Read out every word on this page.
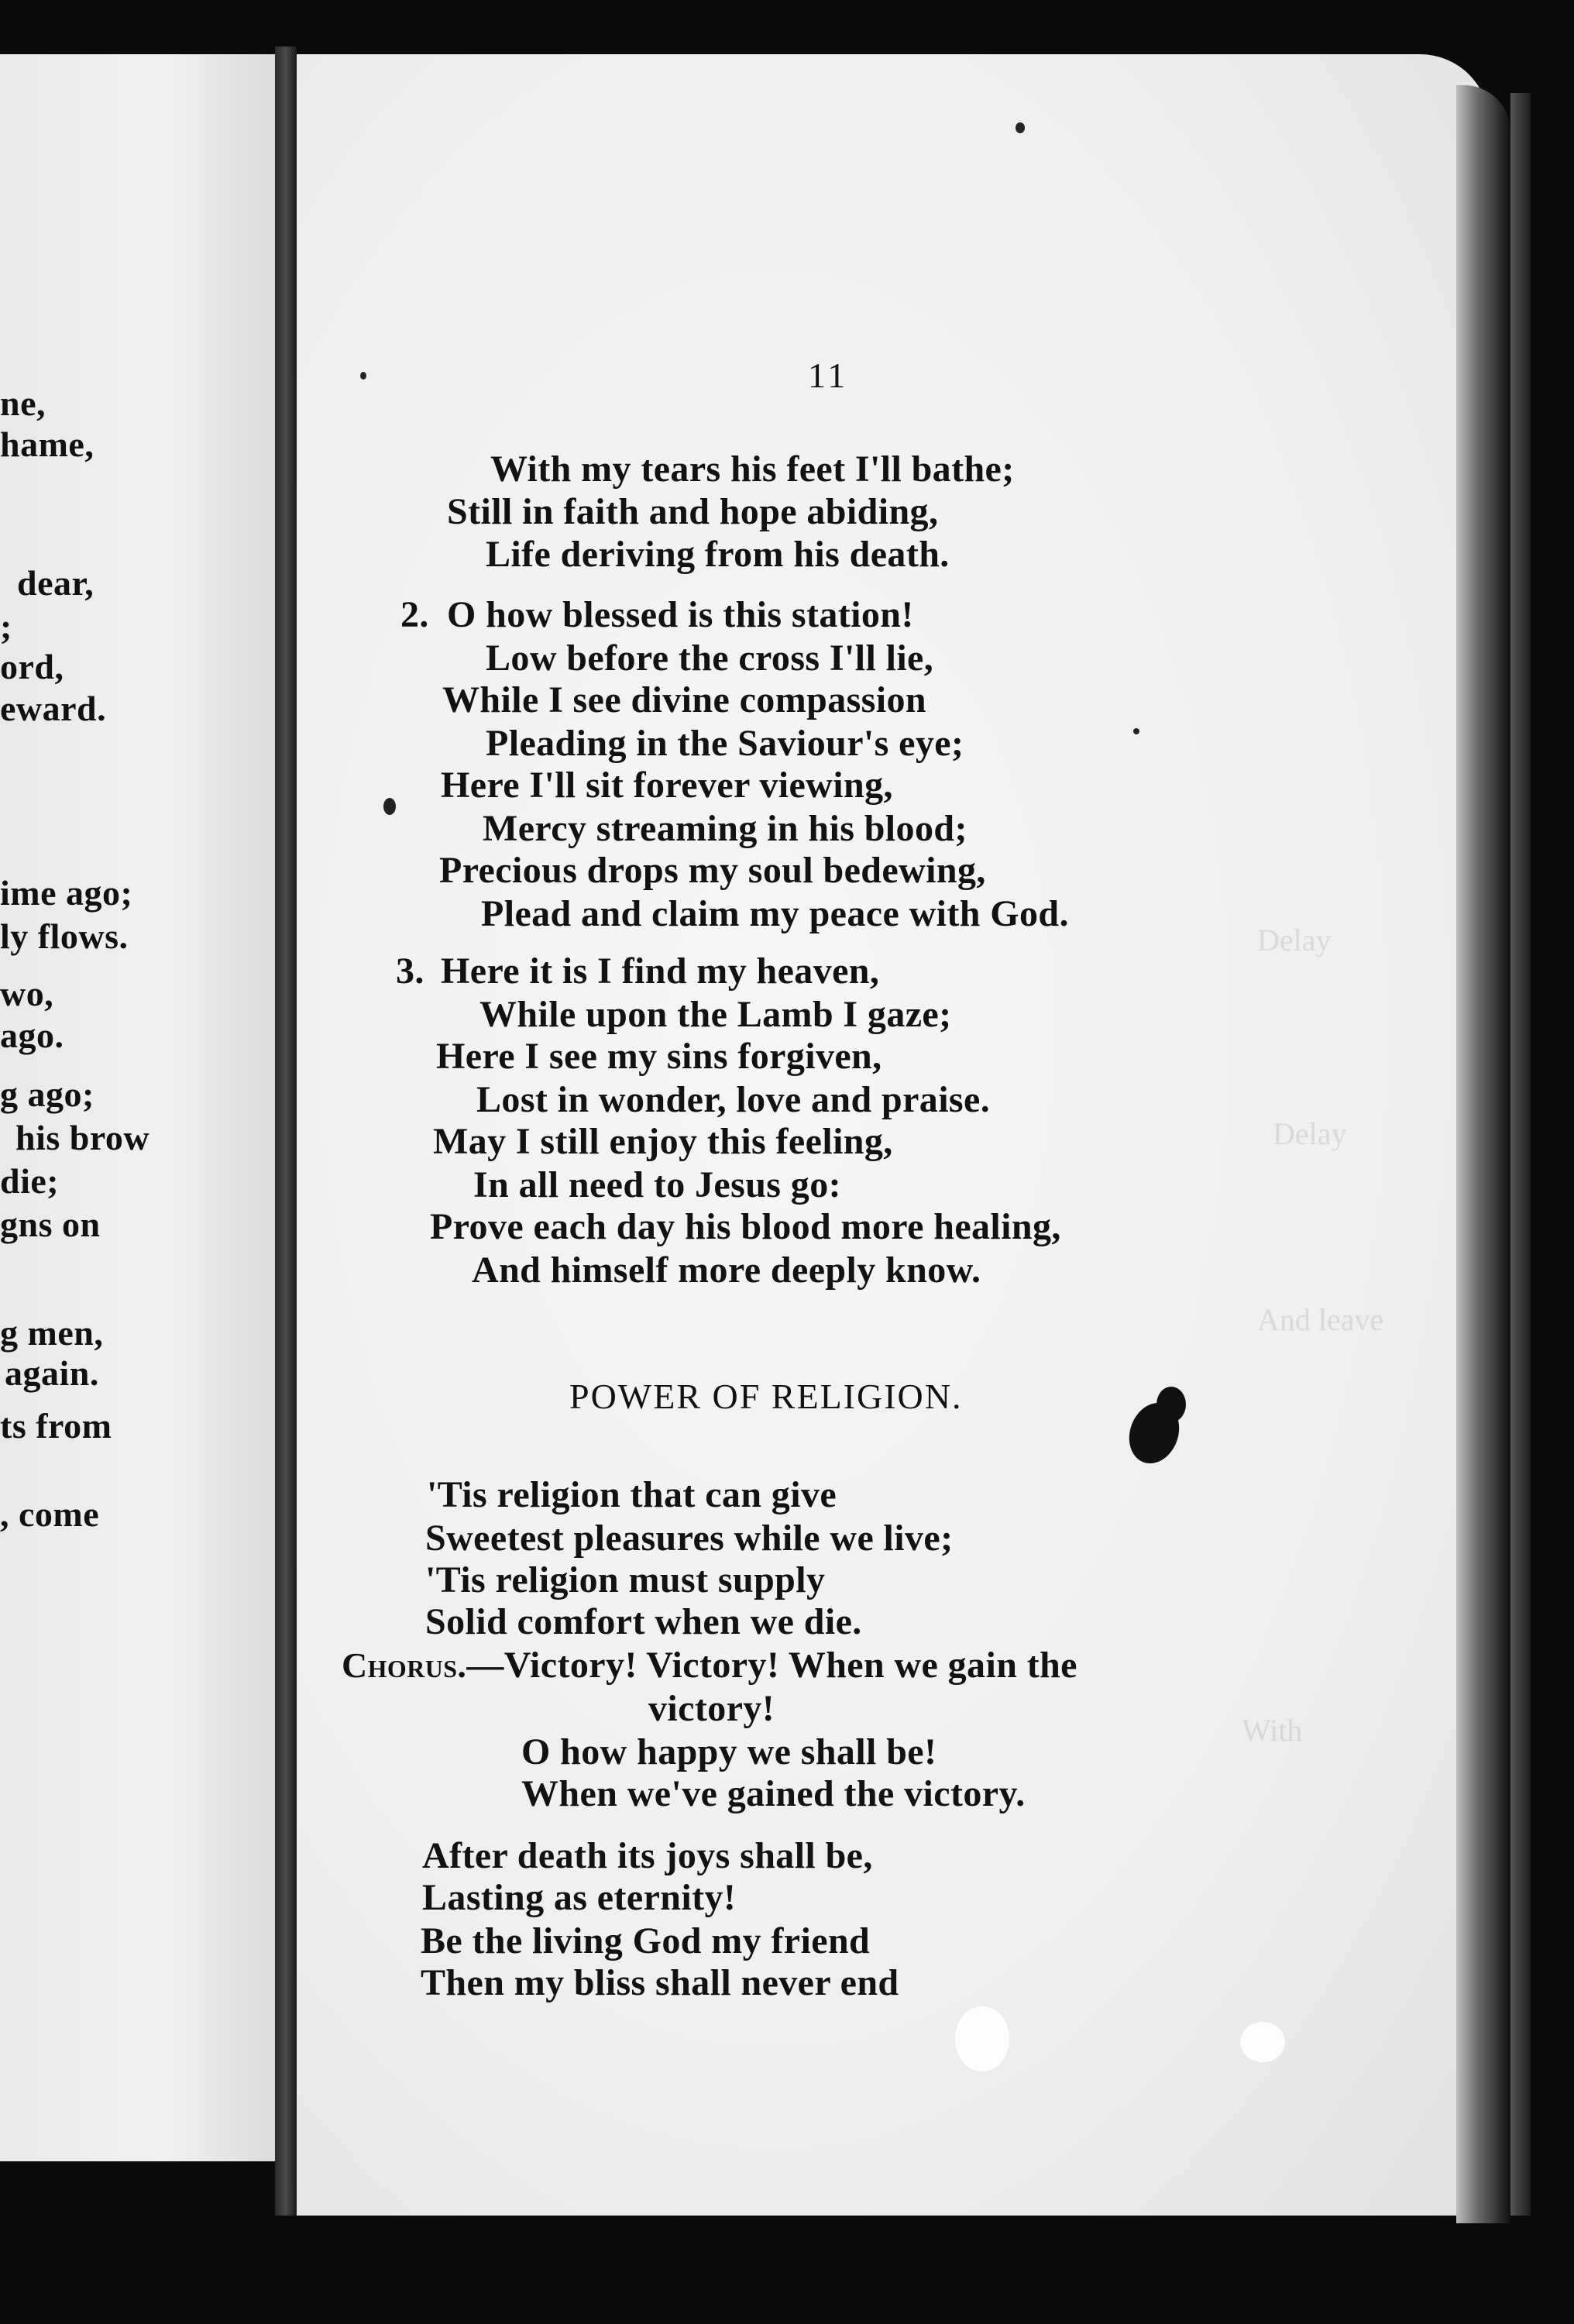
ne,

hame,

dear,

;

ord,

eward.

ime ago;

ly flows.

wo,

ago.

g ago;

his brow

die;

gns on

g men,

again.

ts from

, come

Delay
Delay
And leave
With

11

With my tears his feet I'll bathe;

Still in faith and hope abiding,

Life deriving from his death.

2. O how blessed is this station!

Low before the cross I'll lie,

While I see divine compassion

Pleading in the Saviour's eye;

Here I'll sit forever viewing,

Mercy streaming in his blood;

Precious drops my soul bedewing,

Plead and claim my peace with God.

3. Here it is I find my heaven,

While upon the Lamb I gaze;

Here I see my sins forgiven,

Lost in wonder, love and praise.

May I still enjoy this feeling,

In all need to Jesus go:

Prove each day his blood more healing,

And himself more deeply know.

POWER OF RELIGION.

'Tis religion that can give

Sweetest pleasures while we live;

'Tis religion must supply

Solid comfort when we die.

Chorus.—Victory! Victory! When we gain the

victory!

O how happy we shall be!

When we've gained the victory.

After death its joys shall be,

Lasting as eternity!

Be the living God my friend

Then my bliss shall never end
